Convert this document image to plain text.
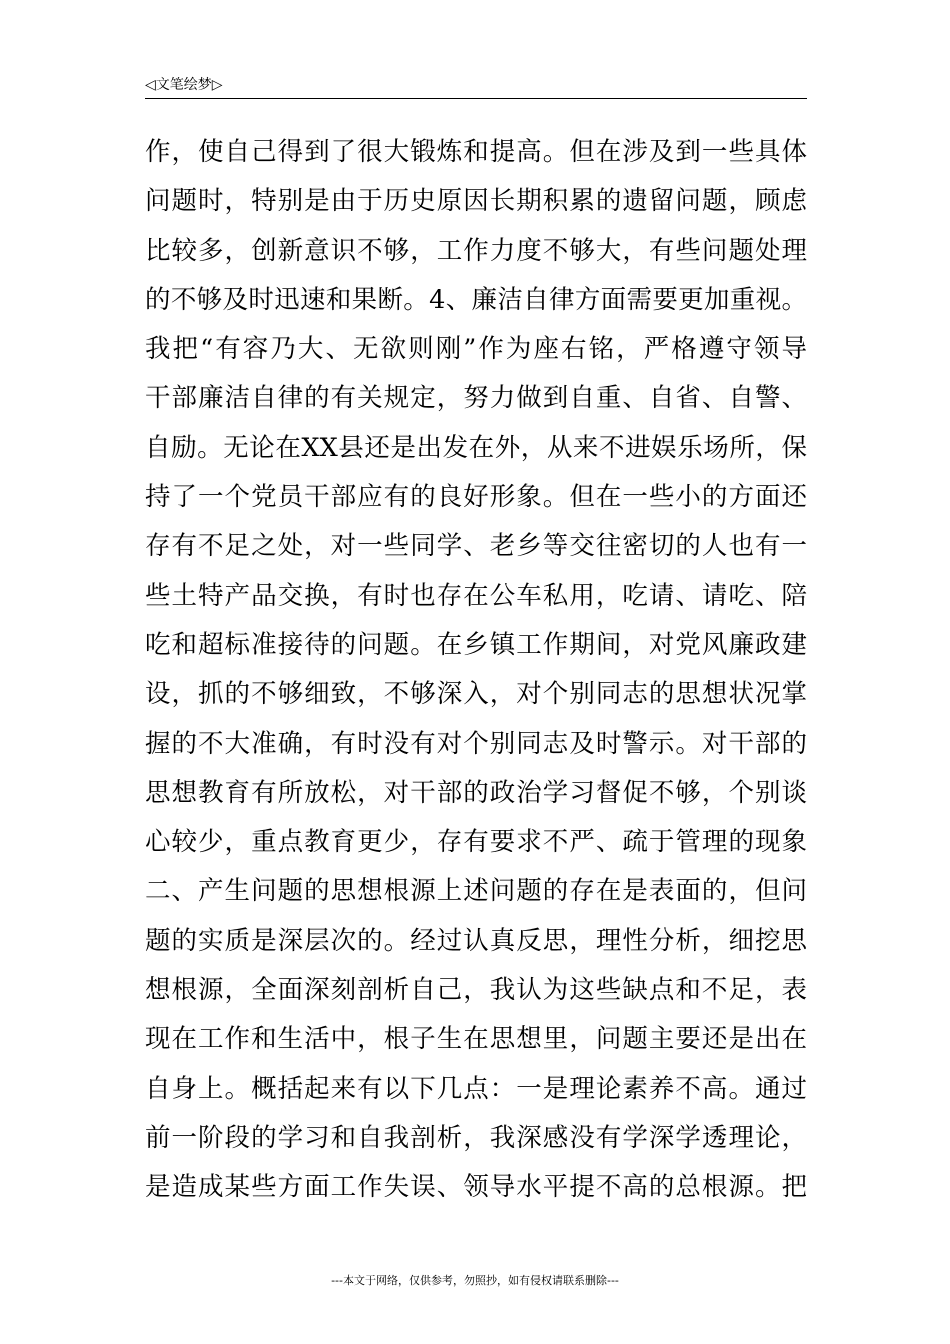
◁文笔绘梦▷
作，使自己得到了很大锻炼和提高。但在涉及到一些具体
问题时，特别是由于历史原因长期积累的遗留问题，顾虑
比较多，创新意识不够，工作力度不够大，有些问题处理
的不够及时迅速和果断。4、廉洁自律方面需要更加重视。
我把“有容乃大、无欲则刚”作为座右铭，严格遵守领导
干部廉洁自律的有关规定，努力做到自重、自省、自警、
自励。无论在XX县还是出发在外，从来不进娱乐场所，保
持了一个党员干部应有的良好形象。但在一些小的方面还
存有不足之处，对一些同学、老乡等交往密切的人也有一
些土特产品交换，有时也存在公车私用，吃请、请吃、陪
吃和超标准接待的问题。在乡镇工作期间，对党风廉政建
设，抓的不够细致，不够深入，对个别同志的思想状况掌
握的不大准确，有时没有对个别同志及时警示。对干部的
思想教育有所放松，对干部的政治学习督促不够，个别谈
心较少，重点教育更少，存有要求不严、疏于管理的现象
二、产生问题的思想根源上述问题的存在是表面的，但问
题的实质是深层次的。经过认真反思，理性分析，细挖思
想根源，全面深刻剖析自己，我认为这些缺点和不足，表
现在工作和生活中，根子生在思想里，问题主要还是出在
自身上。概括起来有以下几点：一是理论素养不高。通过
前一阶段的学习和自我剖析，我深感没有学深学透理论，
是造成某些方面工作失误、领导水平提不高的总根源。把
---本文于网络，仅供参考，勿照抄，如有侵权请联系删除---
